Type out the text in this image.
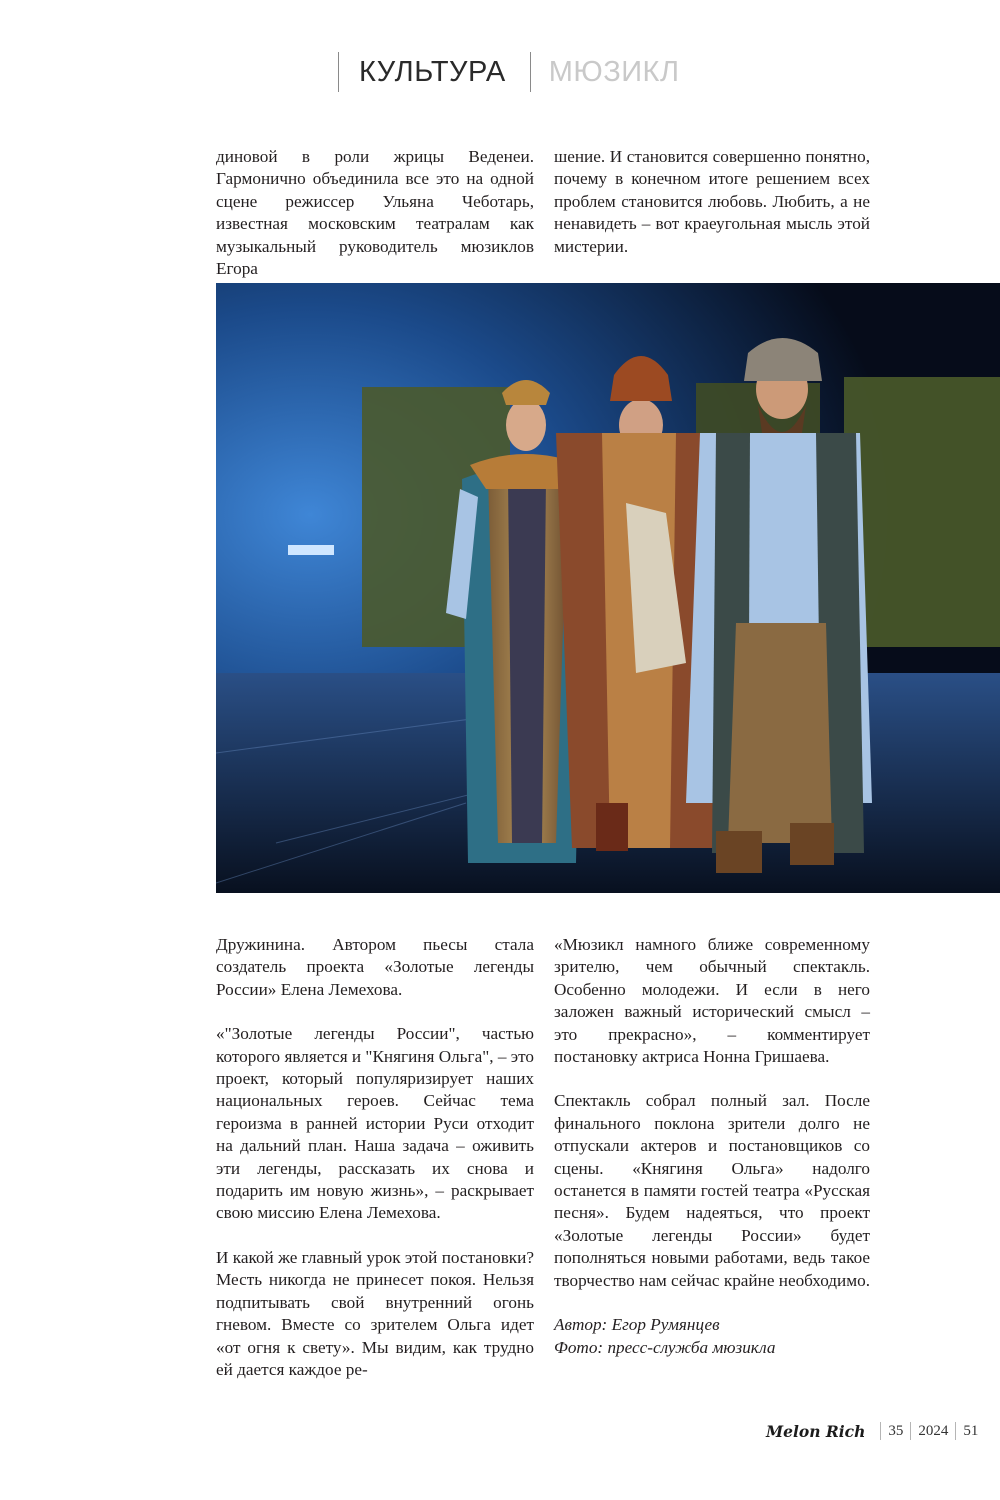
КУЛЬТУРА	МЮЗИКЛ

диновой в роли жрицы Веденеи. Гармонично объединила все это на одной сцене режиссер Ульяна Чеботарь, известная московским театралам как музыкальный руководитель мюзиклов Егора

шение. И становится совершенно понятно, почему в конечном итоге решением всех проблем становится любовь. Любить, а не ненавидеть – вот краеугольная мысль этой мистерии.

Дружинина. Автором пьесы стала создатель проекта «Золотые легенды России» Елена Лемехова.

«"Золотые легенды России", частью которого является и "Княгиня Ольга", – это проект, который популяризирует наших национальных героев. Сейчас тема героизма в ранней истории Руси отходит на дальний план. Наша задача – оживить эти легенды, рассказать их снова и подарить им новую жизнь», – раскрывает свою миссию Елена Лемехова.

И какой же главный урок этой постановки? Месть никогда не принесет покоя. Нельзя подпитывать свой внутренний огонь гневом. Вместе со зрителем Ольга идет «от огня к свету». Мы видим, как трудно ей дается каждое ре-

«Мюзикл намного ближе современному зрителю, чем обычный спектакль. Особенно молодежи. И если в него заложен важный исторический смысл – это прекрасно», – комментирует постановку актриса Нонна Гришаева.

Спектакль собрал полный зал. После финального поклона зрители долго не отпускали актеров и постановщиков со сцены. «Княгиня Ольга» надолго останется в памяти гостей театра «Русская песня». Будем надеяться, что проект «Золотые легенды России» будет пополняться новыми работами, ведь такое творчество нам сейчас крайне необходимо.

Автор: Егор Румянцев

Фото: пресс-служба мюзикла

Melon Rich	35 2024 51
